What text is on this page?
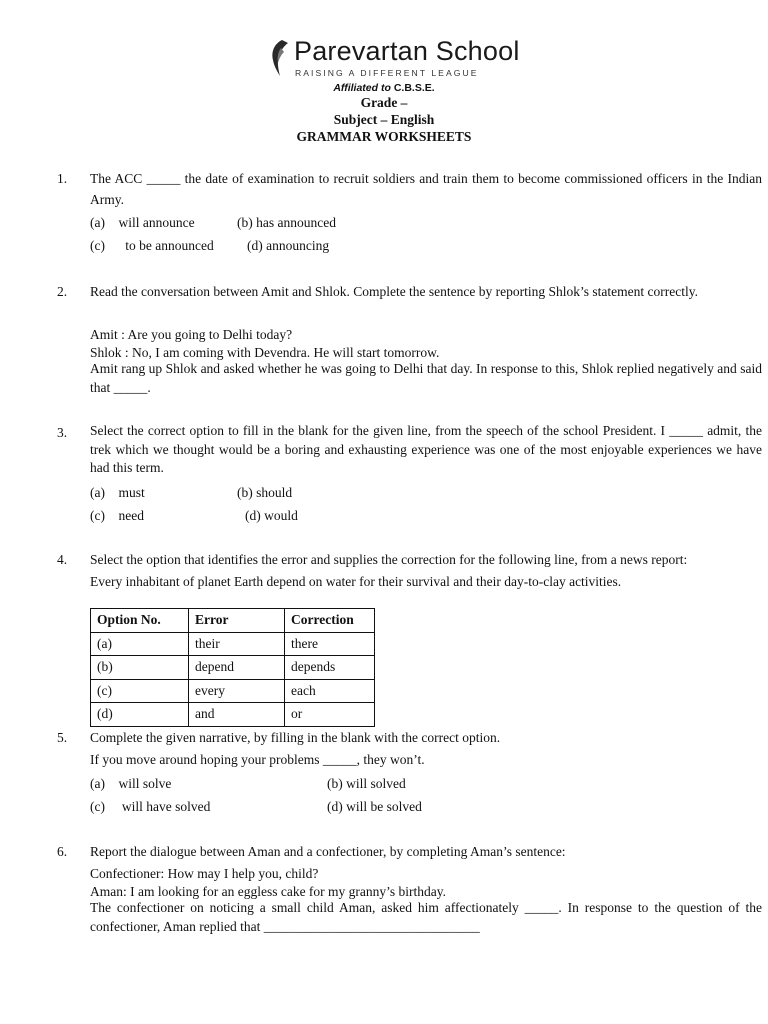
Parevartan School
RAISING A DIFFERENT LEAGUE
Affiliated to C.B.S.E.
Grade –
Subject – English
GRAMMAR WORKSHEETS
1. The ACC _____ the date of examination to recruit soldiers and train them to become commissioned officers in the Indian Army.
(a)    will announce	(b) has announced
(c)      to be announced (d) announcing
2. Read the conversation between Amit and Shlok. Complete the sentence by reporting Shlok’s statement correctly.
Amit : Are you going to Delhi today?
Shlok : No, I am coming with Devendra. He will start tomorrow.
Amit rang up Shlok and asked whether he was going to Delhi that day. In response to this, Shlok replied negatively and said that _____.
3. Select the correct option to fill in the blank for the given line, from the speech of the school President. I _____ admit, the trek which we thought would be a boring and exhausting experience was one of the most enjoyable experiences we have had this term.
(a)    must	(b) should
(c)    need	(d) would
4. Select the option that identifies the error and supplies the correction for the following line, from a news report:
Every inhabitant of planet Earth depend on water for their survival and their day-to-clay activities.
Option No.	Error	Correction
(a)	their	there
(b)	depend	depends
(c)	every	each
(d)	and	or
5. Complete the given narrative, by filling in the blank with the correct option.
If you move around hoping your problems _____, they won’t.
(a)    will solve	(b) will solved
(c)     will have solved	(d) will be solved
6. Report the dialogue between Aman and a confectioner, by completing Aman’s sentence:
Confectioner: How may I help you, child?
Aman: I am looking for an eggless cake for my granny’s birthday.
The confectioner on noticing a small child Aman, asked him affectionately _____. In response to the question of the confectioner, Aman replied that ________________________________
